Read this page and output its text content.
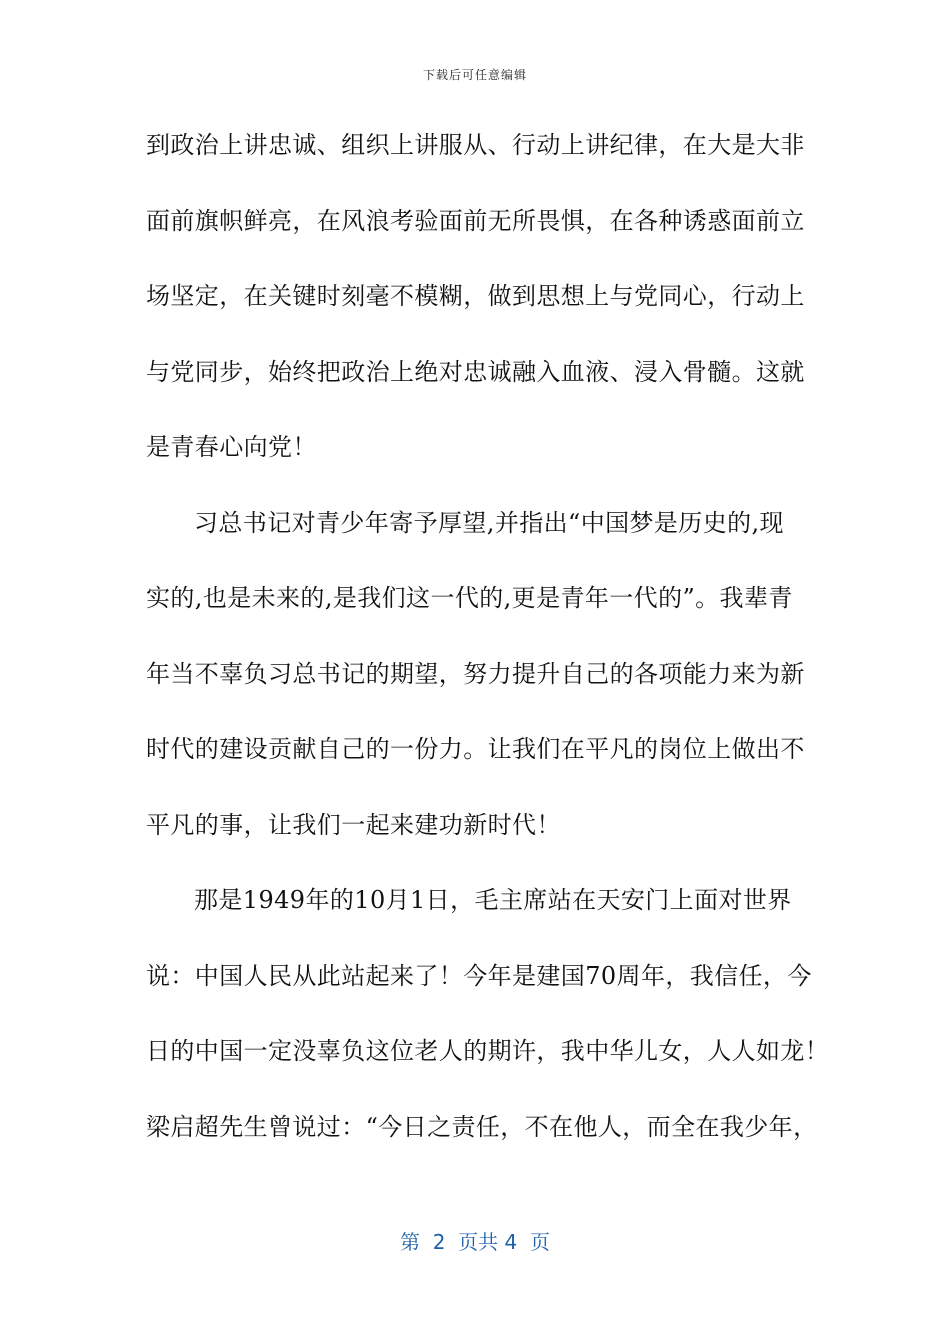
下载后可任意编辑
到政治上讲忠诚、组织上讲服从、行动上讲纪律，在大是大非
面前旗帜鲜亮，在风浪考验面前无所畏惧，在各种诱惑面前立
场坚定，在关键时刻毫不模糊，做到思想上与党同心，行动上
与党同步，始终把政治上绝对忠诚融入血液、浸入骨髓。这就
是青春心向党！
习总书记对青少年寄予厚望,并指出“中国梦是历史的,现
实的,也是未来的,是我们这一代的,更是青年一代的”。我辈青
年当不辜负习总书记的期望，努力提升自己的各项能力来为新
时代的建设贡献自己的一份力。让我们在平凡的岗位上做出不
平凡的事，让我们一起来建功新时代！
那是1949年的10月1日，毛主席站在天安门上面对世界
说：中国人民从此站起来了！今年是建国70周年，我信任，今
日的中国一定没辜负这位老人的期许，我中华儿女，人人如龙！
梁启超先生曾说过：“今日之责任，不在他人，而全在我少年，
第  2  页共 4  页
